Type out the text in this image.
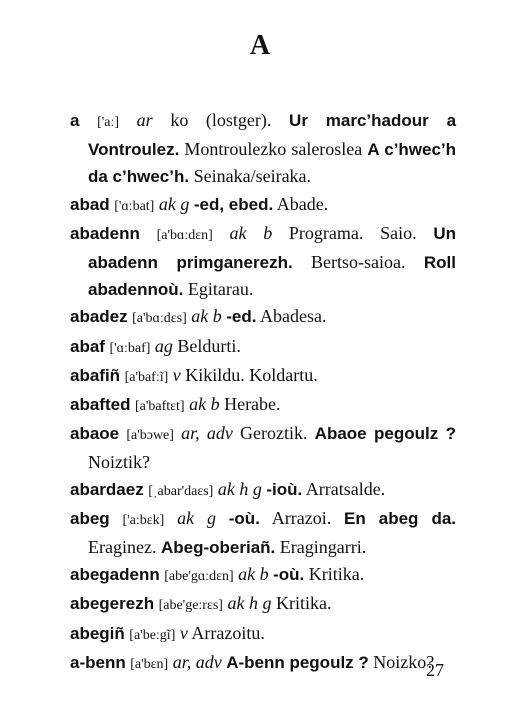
A
a ['aː] ar ko (lostger). Ur marc’hadour a Vontroulez. Montroulezko saleroslea A c’hwec’h da c’hwec’h. Seinaka/seiraka.
abad ['ɑːbat] ak g -ed, ebed. Abade.
abadenn [a'bɑːdɛn] ak b Programa. Saio. Un abadenn primganerezh. Bertso-saioa. Roll abadennoù. Egitarau.
abadez [a'bɑːdɛs] ak b -ed. Abadesa.
abaf ['ɑːbaf] ag Beldurti.
abafiñ [a'bafːĩ] v Kikildu. Koldartu.
abafted [a'baftɛt] ak b Herabe.
abaoe [a'bɔwe] ar, adv Geroztik. Abaoe pegoulz ? Noiztik?
abardaez [ˌabar'daɛs] ak h g -ioù. Arratsalde.
abeg ['aːbɛk] ak g -où. Arrazoi. En abeg da. Eraginez. Abeg-oberiañ. Eragingarri.
abegadenn [abe'gɑːdɛn] ak b -où. Kritika.
abegerezh [abe'geːrɛs] ak h g Kritika.
abegiñ [a'beːgĩ] v Arrazoitu.
a-benn [a'bɛn] ar, adv A-benn pegoulz ? Noizko?
27
